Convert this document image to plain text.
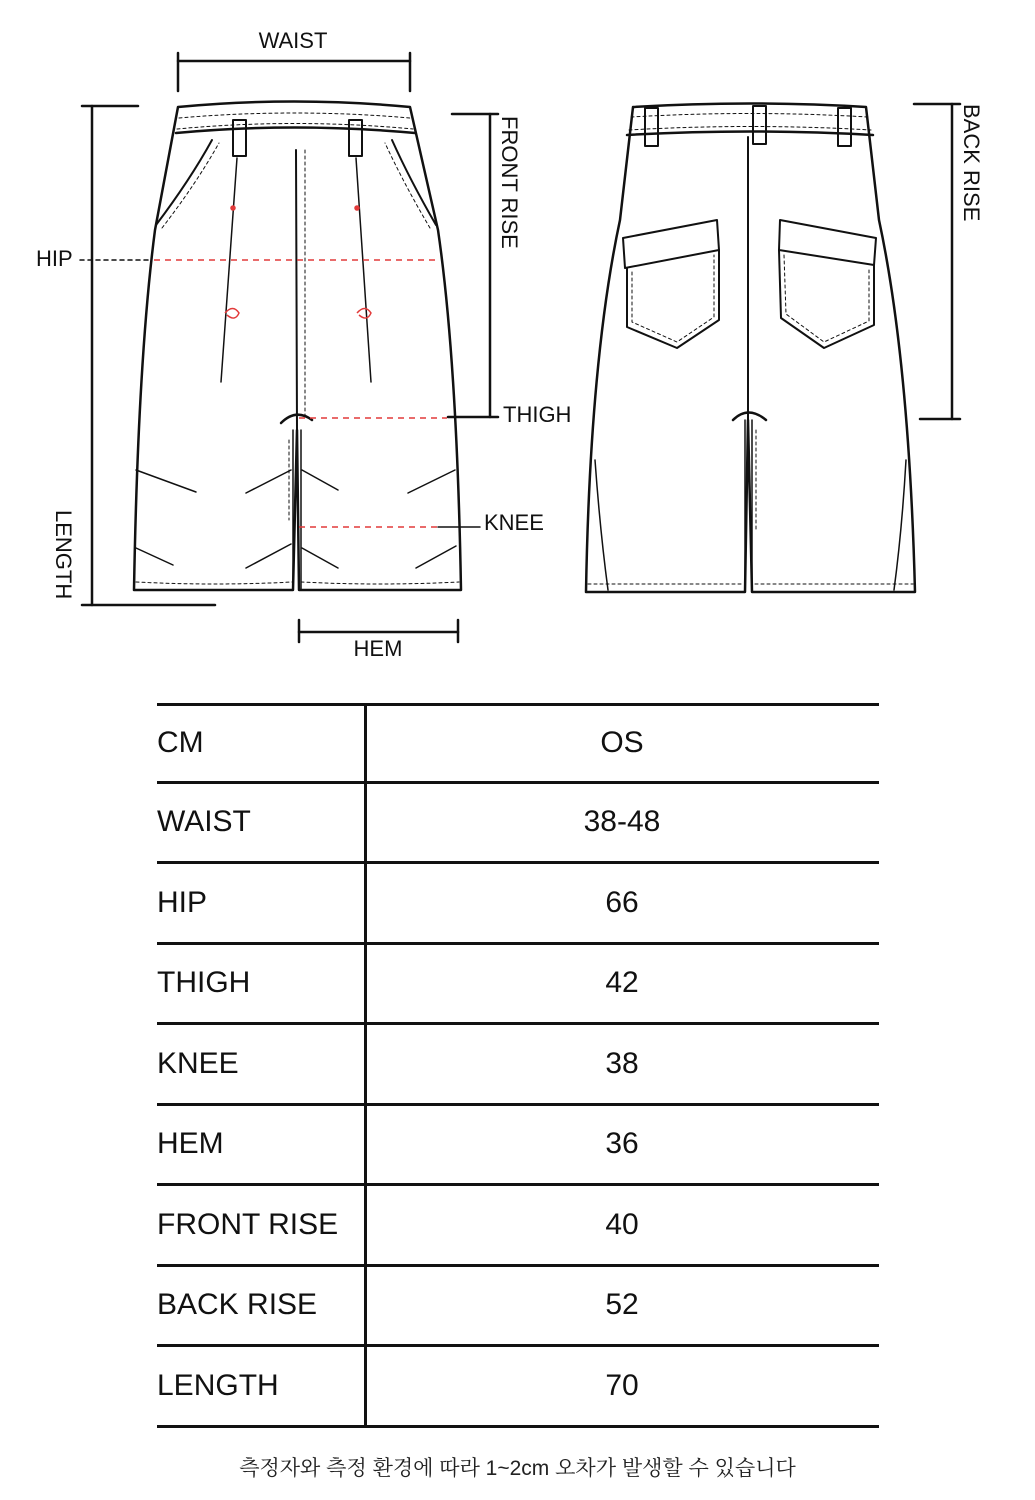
WAIST
HIP
THIGH
KNEE
HEM
FRONT RISE	BACK RISE
LENGTH
CM	OS
WAIST	38-48
HIP	66
THIGH	42
KNEE	38
HEM	36
FRONT RISE	40
BACK RISE	52
LENGTH	70
측정자와 측정 환경에 따라 1~2cm 오차가 발생할 수 있습니다
